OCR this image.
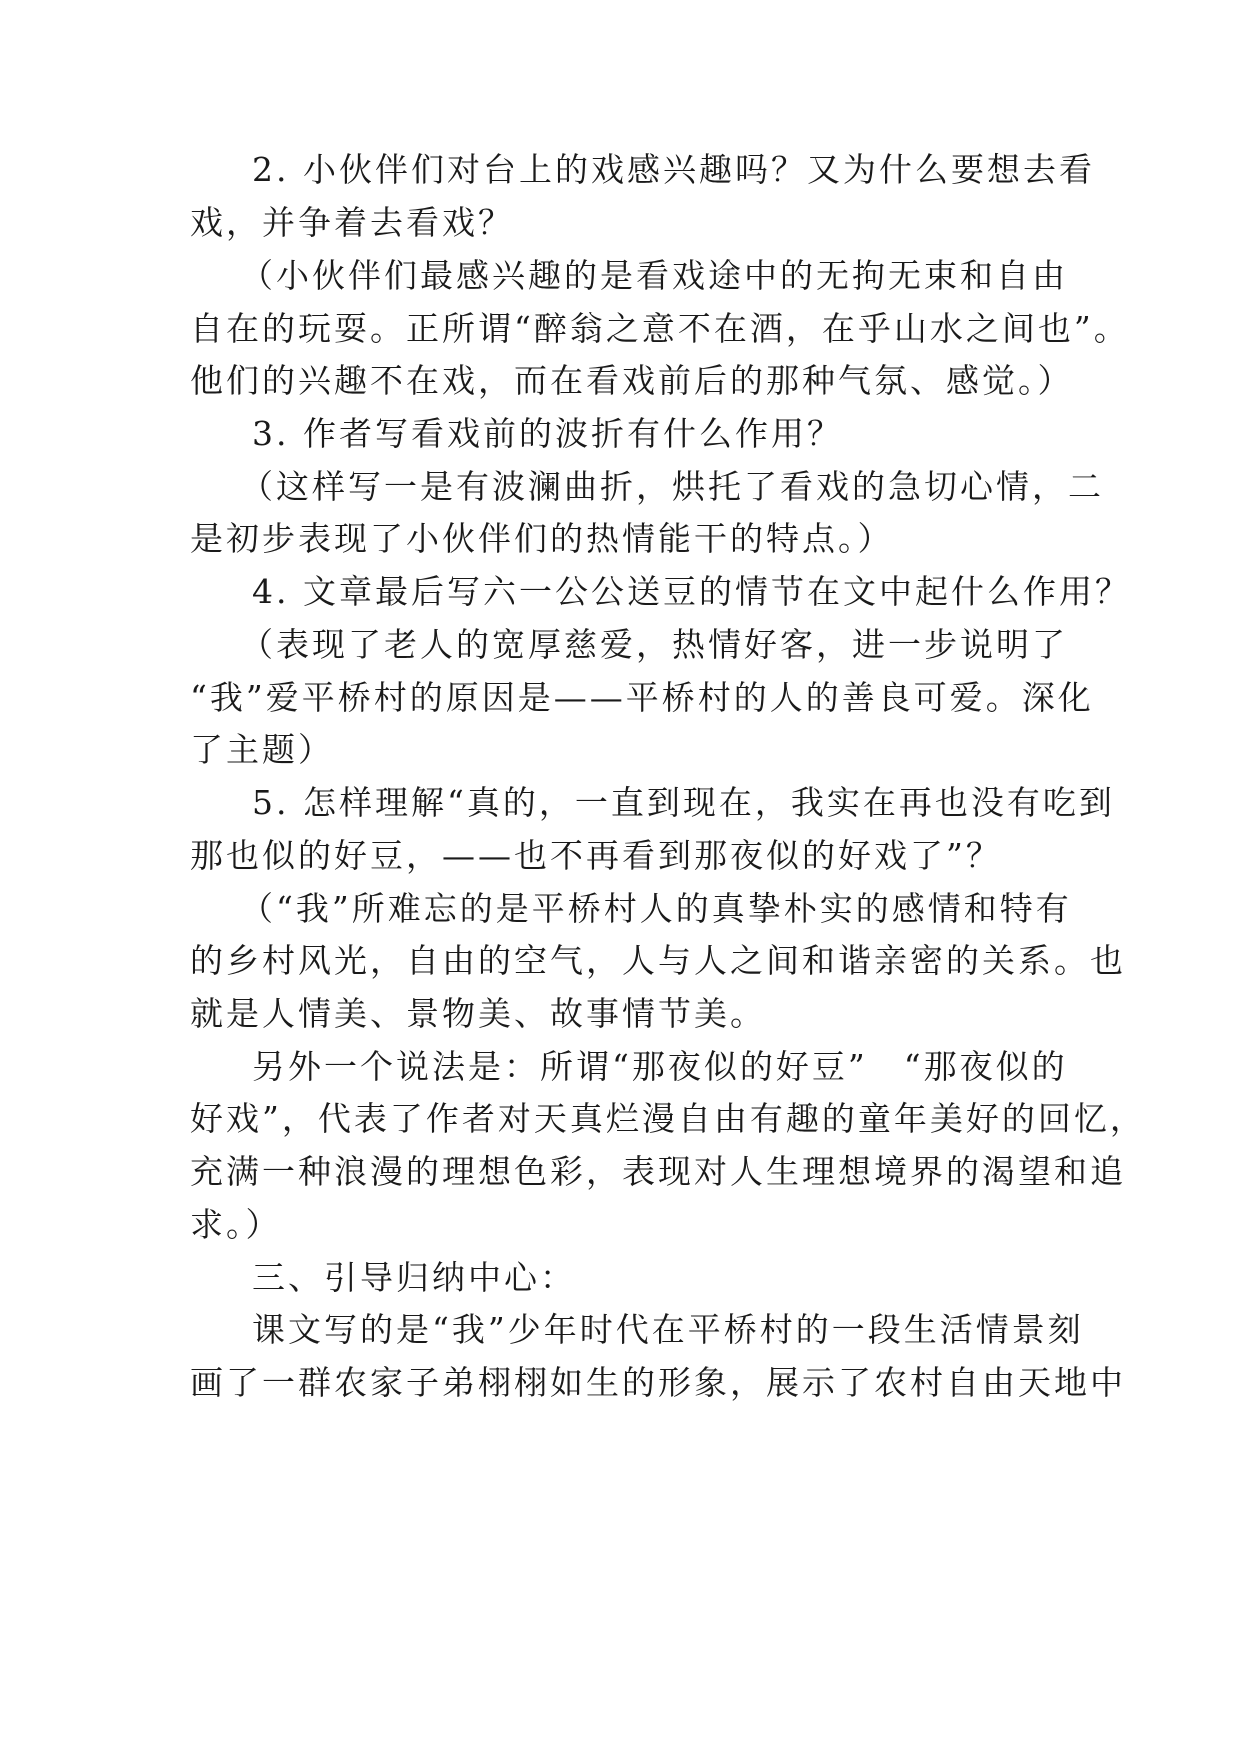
2. 小伙伴们对台上的戏感兴趣吗？又为什么要想去看
戏，并争着去看戏？
（小伙伴们最感兴趣的是看戏途中的无拘无束和自由
自在的玩耍。正所谓“醉翁之意不在酒，在乎山水之间也”。
他们的兴趣不在戏，而在看戏前后的那种气氛、感觉。）
3. 作者写看戏前的波折有什么作用？
（这样写一是有波澜曲折，烘托了看戏的急切心情，二
是初步表现了小伙伴们的热情能干的特点。）
4. 文章最后写六一公公送豆的情节在文中起什么作用？
（表现了老人的宽厚慈爱，热情好客，进一步说明了
“我”爱平桥村的原因是——平桥村的人的善良可爱。深化
了主题）
5. 怎样理解“真的，一直到现在，我实在再也没有吃到
那也似的好豆，——也不再看到那夜似的好戏了”？
（“我”所难忘的是平桥村人的真挚朴实的感情和特有
的乡村风光，自由的空气，人与人之间和谐亲密的关系。也
就是人情美、景物美、故事情节美。
另外一个说法是：所谓“那夜似的好豆”　“那夜似的
好戏”，代表了作者对天真烂漫自由有趣的童年美好的回忆，
充满一种浪漫的理想色彩，表现对人生理想境界的渴望和追
求。）
三、引导归纳中心：
课文写的是“我”少年时代在平桥村的一段生活情景刻
画了一群农家子弟栩栩如生的形象，展示了农村自由天地中
